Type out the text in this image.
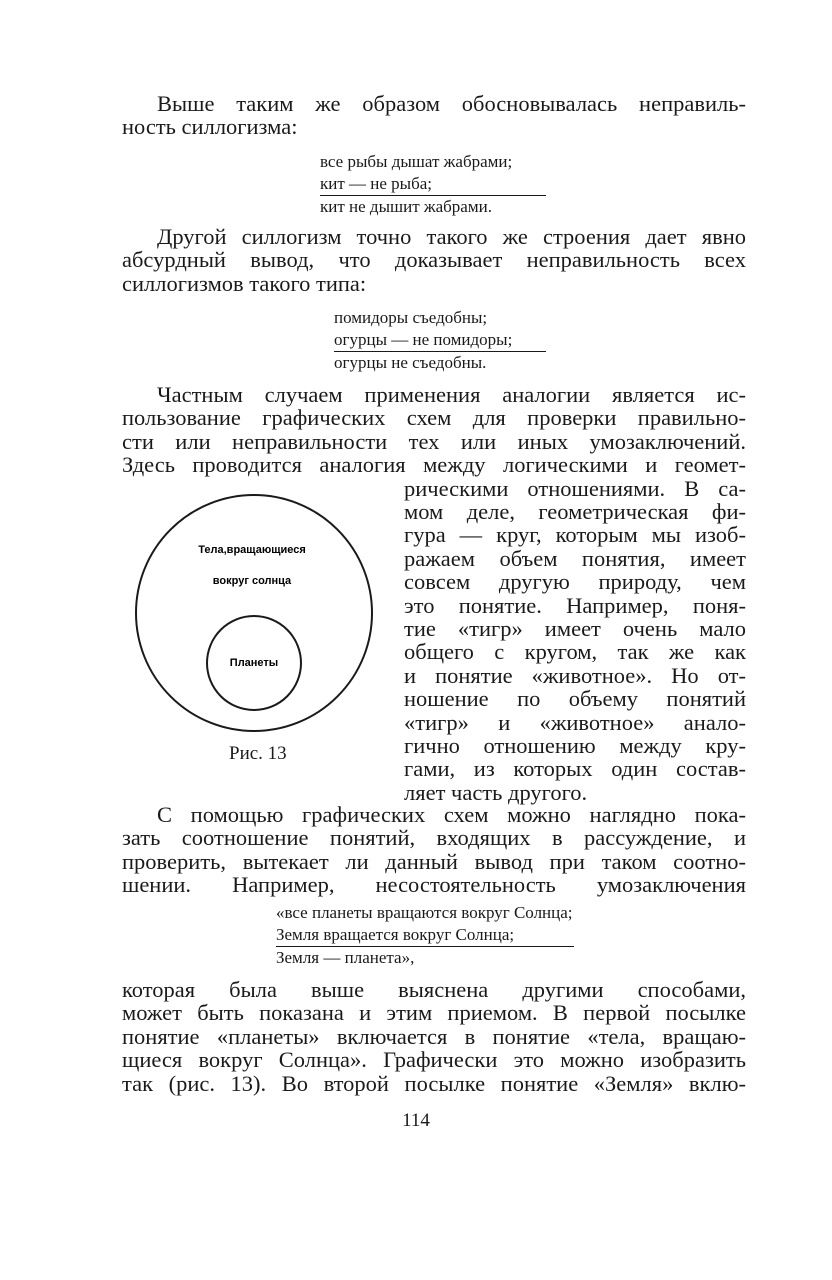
Выше таким же образом обосновывалась неправиль-
ность силлогизма:
все рыбы дышат жабрами;
кит — не рыба;
кит не дышит жабрами.
Другой силлогизм точно такого же строения дает явно
абсурдный вывод, что доказывает неправильность всех
силлогизмов такого типа:
помидоры съедобны;
огурцы — не помидоры;
огурцы не съедобны.
Частным случаем применения аналогии является ис-
пользование графических схем для проверки правильно-
сти или неправильности тех или иных умозаключений.
Здесь проводится аналогия между логическими и геомет-
рическими отношениями. В са-
мом деле, геометрическая фи-
гура — круг, которым мы изоб-
ражаем объем понятия, имеет
совсем другую природу, чем
это понятие. Например, поня-
тие «тигр» имеет очень мало
общего с кругом, так же как
и понятие «животное». Но от-
ношение по объему понятий
«тигр» и «животное» анало-
гично отношению между кру-
гами, из которых один состав-
ляет часть другого.
Тела,вращающиеся
вокруг солнца
Планеты
Рис. 13
С помощью графических схем можно наглядно пока-
зать соотношение понятий, входящих в рассуждение, и
проверить, вытекает ли данный вывод при таком соотно-
шении. Например, несостоятельность умозаключения
«все планеты вращаются вокруг Солнца;
Земля вращается вокруг Солнца;
Земля — планета»,
которая была выше выяснена другими способами,
может быть показана и этим приемом. В первой посылке
понятие «планеты» включается в понятие «тела, вращаю-
щиеся вокруг Солнца». Графически это можно изобразить
так (рис. 13). Во второй посылке понятие «Земля» вклю-
114
